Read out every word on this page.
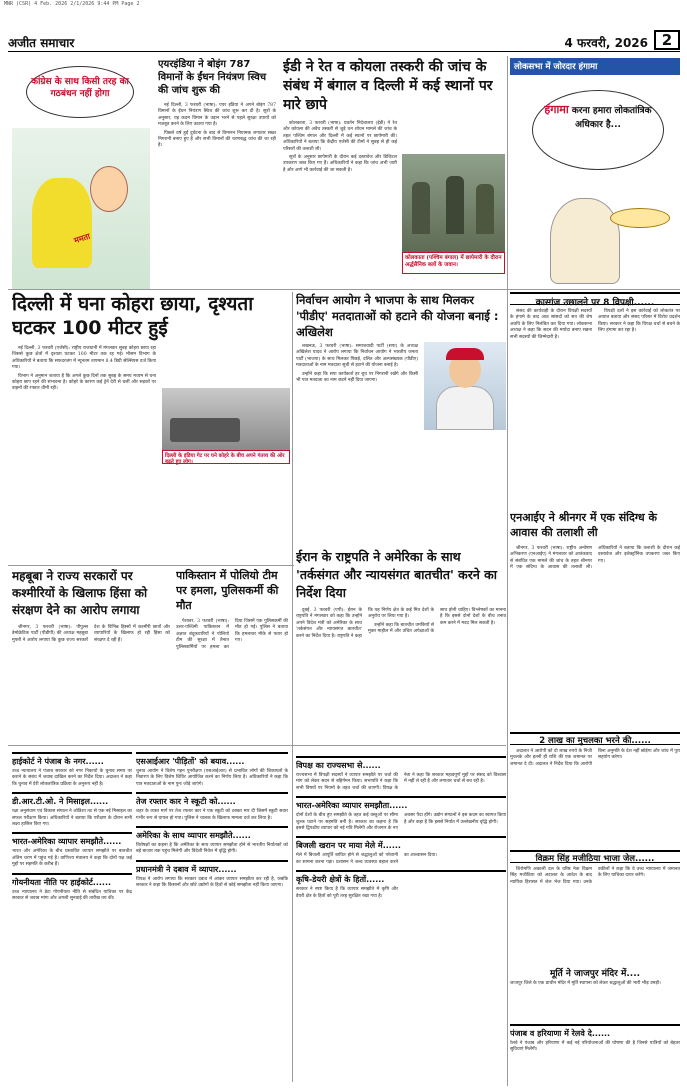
MNR (CSR) 4 Feb. 2026 2/1/2026 9:44 PM Page 2
अजीत समाचार	4 फरवरी, 2026 2
कांग्रेस के साथ किसी तरह का गठबंधन नहीं होगा
ममता
एयरइंडिया ने बोइंग 787 विमानों के ईंधन नियंत्रण स्विच की जांच शुरू की
नई दिल्ली, 3 फरवरी (भाषा): एयर इंडिया ने अपने बोइंग 787 विमानों के ईंधन नियंत्रण स्विच की जांच शुरू कर दी है। सूत्रों के अनुसार, यह कदम विमान के उड़ान भरने से पहले सुरक्षा उपायों को मजबूत करने के लिए उठाया गया है।
पिछले वर्ष हुई दुर्घटना के बाद से विमानन नियामक लगातार सख्त निगरानी बनाए हुए है और सभी विमानों की चरणबद्ध जांच की जा रही है।
ईडी ने रेत व कोयला तस्करी की जांच के संबंध में बंगाल व दिल्ली में कई स्थानों पर मारे छापे
कोलकाता, 3 फरवरी (भाषा): प्रवर्तन निदेशालय (ईडी) ने रेत और कोयला की अवैध तस्करी से जुड़े धन शोधन मामले की जांच के तहत पश्चिम बंगाल और दिल्ली में कई स्थानों पर छापेमारी की। अधिकारियों ने बताया कि केंद्रीय एजेंसी की टीमों ने सुबह से ही कई परिसरों की तलाशी ली।
सूत्रों के अनुसार छापेमारी के दौरान कई दस्तावेज और डिजिटल उपकरण जब्त किए गए हैं। अधिकारियों ने कहा कि जांच अभी जारी है और आगे भी कार्रवाई की जा सकती है।
कोलकाता (पश्चिम बंगाल) में छापेमारी के दौरान अर्द्धसैनिक बलों के जवान।
लोकसभा में जोरदार हंगामा
हंगामा करना हमारा लोकतांत्रिक अधिकार है...
दिल्ली में घना कोहरा छाया, दृश्यता घटकर 100 मीटर हुई
नई दिल्ली, 3 फरवरी (एजेंसी): राष्ट्रीय राजधानी में मंगलवार सुबह कोहरा छाया रहा जिससे कुछ क्षेत्रों में दृश्यता घटकर 100 मीटर तक रह गई। मौसम विभाग के अधिकारियों ने बताया कि सफदरजंग में न्यूनतम तापमान 8.4 डिग्री सेल्सियस दर्ज किया गया।
विभाग ने अनुमान जताया है कि अगले कुछ दिनों तक सुबह के समय मध्यम से घना कोहरा छाए रहने की संभावना है। कोहरे के कारण कई ट्रेनें देरी से चलीं और सड़कों पर वाहनों की रफ्तार धीमी रही।
दिल्ली के इंडिया गेट पर घने कोहरे के बीच अपने गंतव्य की ओर बढ़ते हुए लोग।
निर्वाचन आयोग ने भाजपा के साथ मिलकर 'पीडीए' मतदाताओं को हटाने की योजना बनाई : अखिलेश
लखनऊ, 3 फरवरी (भाषा): समाजवादी पार्टी (सपा) के अध्यक्ष अखिलेश यादव ने आरोप लगाया कि निर्वाचन आयोग ने भारतीय जनता पार्टी (भाजपा) के साथ मिलकर पिछड़े, दलित और अल्पसंख्यक (पीडीए) मतदाताओं के नाम मतदाता सूची से हटाने की योजना बनाई है।
उन्होंने कहा कि सपा कार्यकर्ता हर बूथ पर निगरानी रखेंगे और किसी भी पात्र मतदाता का नाम कटने नहीं दिया जाएगा।
कास्गंज उछालने पर 8 विपक्षी......
संसद की कार्यवाही के दौरान विपक्षी सदस्यों के हंगामे के बाद आठ सांसदों को सत्र की शेष अवधि के लिए निलंबित कर दिया गया। लोकसभा अध्यक्ष ने कहा कि सदन की मर्यादा बनाए रखना सभी सदस्यों की जिम्मेदारी है।
विपक्षी दलों ने इस कार्रवाई को लोकतंत्र पर आघात बताया और संसद परिसर में विरोध प्रदर्शन किया। सरकार ने कहा कि विपक्ष चर्चा से बचने के लिए हंगामा कर रहा है।
महबूबा ने राज्य सरकारों पर कश्मीरियों के खिलाफ हिंसा को संरक्षण देने का आरोप लगाया
श्रीनगर, 3 फरवरी (भाषा): पीपुल्स डेमोक्रेटिक पार्टी (पीडीपी) की अध्यक्ष महबूबा मुफ्ती ने आरोप लगाया कि कुछ राज्य सरकारें देश के विभिन्न हिस्सों में कश्मीरी छात्रों और व्यापारियों के खिलाफ हो रही हिंसा को संरक्षण दे रही हैं।
पाकिस्तान में पोलियो टीम पर हमला, पुलिसकर्मी की मौत
पेशावर, 3 फरवरी (भाषा): उत्तर-पश्चिमी पाकिस्तान में अज्ञात बंदूकधारियों ने पोलियो टीम की सुरक्षा में तैनात पुलिसकर्मियों पर हमला कर दिया जिसमें एक पुलिसकर्मी की मौत हो गई। पुलिस ने बताया कि हमलावर मौके से फरार हो गए।
ईरान के राष्ट्रपति ने अमेरिका के साथ 'तर्कसंगत और न्यायसंगत बातचीत' करने का निर्देश दिया
दुबई, 3 फरवरी (एपी): ईरान के राष्ट्रपति ने मंगलवार को कहा कि उन्होंने अपने विदेश मंत्री को अमेरिका के साथ 'तर्कसंगत और न्यायसंगत बातचीत' करने का निर्देश दिया है। राष्ट्रपति ने कहा कि यह निर्णय क्षेत्र के कई मित्र देशों के अनुरोध पर लिया गया है।
उन्होंने कहा कि बातचीत धमकियों से मुक्त माहौल में और उचित अपेक्षाओं के साथ होनी चाहिए। विश्लेषकों का मानना है कि इससे दोनों देशों के बीच तनाव कम करने में मदद मिल सकती है।
एनआईए ने श्रीनगर में एक संदिग्ध के आवास की तलाशी ली
श्रीनगर, 3 फरवरी (भाषा): राष्ट्रीय अन्वेषण अभिकरण (एनआईए) ने मंगलवार को आतंकवाद से संबंधित एक मामले की जांच के तहत श्रीनगर में एक संदिग्ध के आवास की तलाशी ली। अधिकारियों ने बताया कि तलाशी के दौरान कई दस्तावेज और इलेक्ट्रॉनिक उपकरण जब्त किए गए।
2 लाख का मुचलका भरने की......
अदालत ने आरोपी को दो लाख रुपये के निजी मुचलके और इतनी ही राशि की एक जमानत पर जमानत दे दी। अदालत ने निर्देश दिया कि आरोपी बिना अनुमति के देश नहीं छोड़ेगा और जांच में पूरा सहयोग करेगा।
विक्रम सिंह मजीठिया भाजा जेल......
शिरोमणि अकाली दल के वरिष्ठ नेता विक्रम सिंह मजीठिया को अदालत के आदेश के बाद न्यायिक हिरासत में जेल भेज दिया गया। उनके वकीलों ने कहा कि वे उच्च न्यायालय में जमानत के लिए याचिका दायर करेंगे।
मूर्ति ने जाजपुर मंदिर में....
जाजपुर जिले के एक प्राचीन मंदिर में मूर्ति स्थापना को लेकर श्रद्धालुओं की भारी भीड़ उमड़ी।
हाईकोर्ट ने पंजाब के नगर......
उच्च न्यायालय ने पंजाब सरकार को नगर निकायों के चुनाव समय पर कराने के संबंध में जवाब दाखिल करने का निर्देश दिया। अदालत ने कहा कि चुनाव में देरी लोकतांत्रिक प्रक्रिया के अनुरूप नहीं है।
डी.आर.टी.ओ. ने मिसाइल......
रक्षा अनुसंधान एवं विकास संगठन ने ओडिशा तट से एक नई मिसाइल का सफल परीक्षण किया। अधिकारियों ने बताया कि परीक्षण के दौरान सभी लक्ष्य हासिल किए गए।
भारत-अमेरिका व्यापार समझौते......
भारत और अमेरिका के बीच प्रस्तावित व्यापार समझौते पर बातचीत अंतिम चरण में पहुंच गई है। वाणिज्य मंत्रालय ने कहा कि दोनों पक्ष कई मुद्दों पर सहमति के करीब हैं।
गोयनीयता नीति पर हाईकोर्ट......
उच्च न्यायालय ने डेटा गोपनीयता नीति से संबंधित याचिका पर केंद्र सरकार से जवाब मांगा और अगली सुनवाई की तारीख तय की।
एसआईआर 'पीड़ितों' को बयाव......
चुनाव आयोग ने विशेष गहन पुनरीक्षण (एसआईआर) से प्रभावित लोगों की शिकायतों के निवारण के लिए विशेष शिविर आयोजित करने का निर्णय लिया है। अधिकारियों ने कहा कि पात्र मतदाताओं के नाम पुनः जोड़े जाएंगे।
तेज रफ्तार कार ने स्कूटी को......
शहर के व्यस्त मार्ग पर तेज रफ्तार कार ने एक स्कूटी को टक्कर मार दी जिसमें स्कूटी सवार गंभीर रूप से घायल हो गया। पुलिस ने चालक के खिलाफ मामला दर्ज कर लिया है।
अमेरिका के साथ व्यापार समझौते......
विशेषज्ञों का कहना है कि अमेरिका के साथ व्यापार समझौता होने से भारतीय निर्यातकों को बड़े बाजार तक पहुंच मिलेगी और विदेशी निवेश में वृद्धि होगी।
प्रधानमंत्री ने दबाव में व्यापार......
विपक्ष ने आरोप लगाया कि सरकार दबाव में आकर व्यापार समझौता कर रही है, जबकि सरकार ने कहा कि किसानों और छोटे उद्योगों के हितों से कोई समझौता नहीं किया जाएगा।
विपक्ष का राज्यसभा से......
राज्यसभा में विपक्षी सदस्यों ने व्यापार समझौते पर चर्चा की मांग को लेकर सदन से बहिर्गमन किया। सभापति ने कहा कि सभी विषयों पर नियमों के तहत चर्चा की जाएगी। विपक्ष के नेता ने कहा कि सरकार महत्वपूर्ण मुद्दों पर संसद को विश्वास में नहीं ले रही है और लगातार चर्चा से बच रही है।
भारत-अमेरिका व्यापार समझौता......
दोनों देशों के बीच हुए समझौते के तहत कई वस्तुओं पर सीमा शुल्क घटाने पर सहमति बनी है। सरकार का कहना है कि इससे द्विपक्षीय व्यापार को नई गति मिलेगी और रोजगार के नए अवसर पैदा होंगे। उद्योग संगठनों ने इस कदम का स्वागत किया है और कहा है कि इससे निर्यात में उल्लेखनीय वृद्धि होगी।
बिजली खरान पर माया मेले में......
मेले में बिजली आपूर्ति बाधित होने से श्रद्धालुओं को परेशानी का सामना करना पड़ा। प्रशासन ने जल्द व्यवस्था बहाल करने का आश्वासन दिया।
कृषि-डेयरी क्षेत्रों के हितों......
सरकार ने स्पष्ट किया है कि व्यापार समझौते में कृषि और डेयरी क्षेत्र के हितों को पूरी तरह सुरक्षित रखा गया है।
पंजाब व हरियाणा में रेलवे दे......
रेलवे ने पंजाब और हरियाणा में कई नई परियोजनाओं की घोषणा की है जिनसे यात्रियों को बेहतर सुविधाएं मिलेंगी।
